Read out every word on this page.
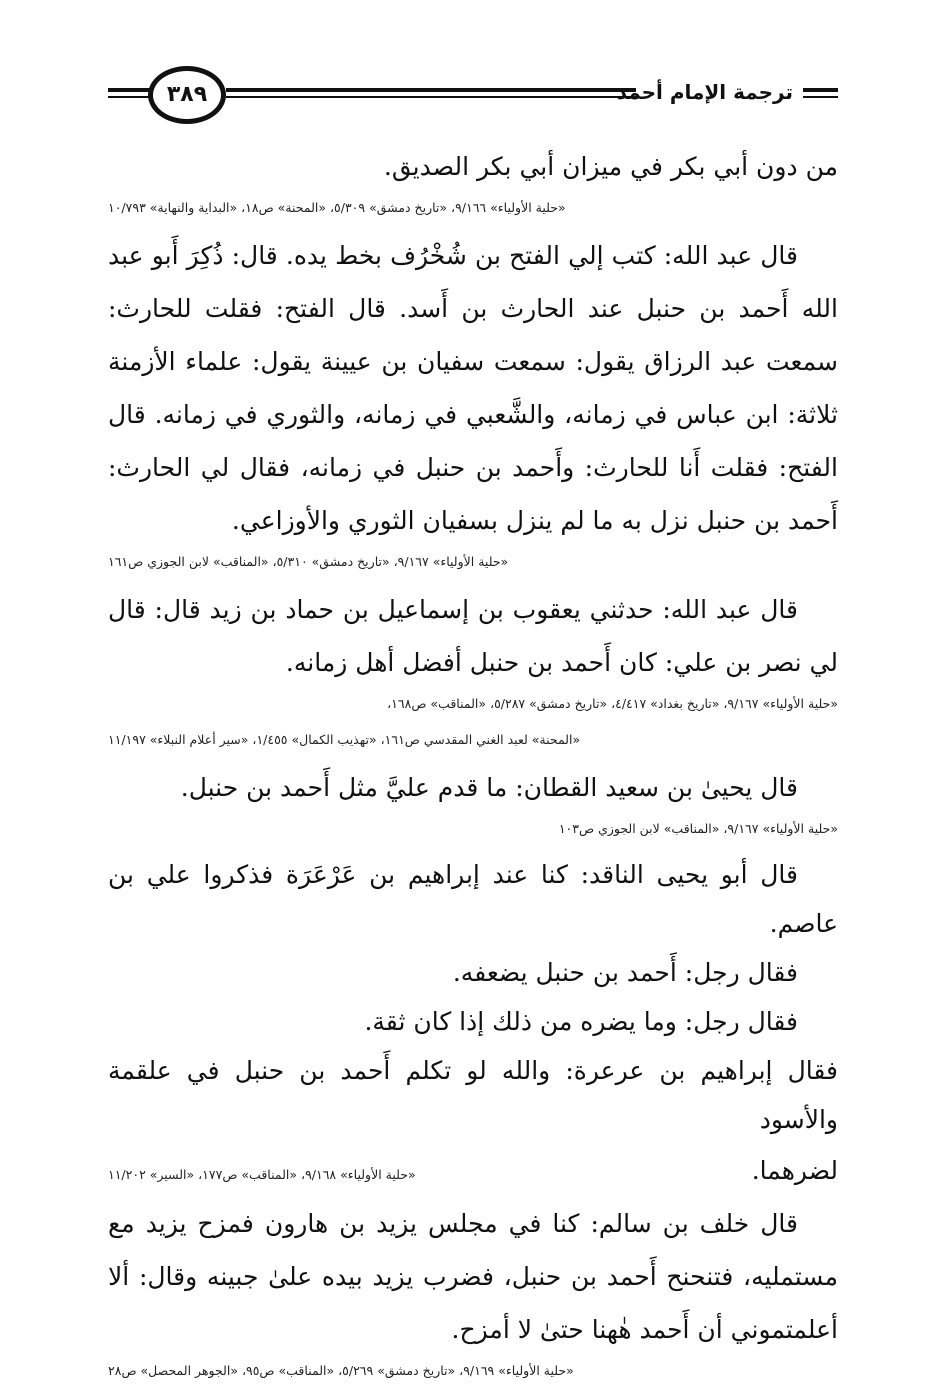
٣٨٩	ترجمة الإمام أحمد

من دون أبي بكر في ميزان أبي بكر الصديق.

«حلية الأولياء» ٩/١٦٦، «تاريخ دمشق» ٥/٣٠٩، «المحنة» ص١٨، «البداية والنهاية» ١٠/٧٩٣

قال عبد الله: كتب إلي الفتح بن شُخْرُف بخط يده. قال: ذُكِرَ أَبو عبد الله أَحمد بن حنبل عند الحارث بن أَسد. قال الفتح: فقلت للحارث: سمعت عبد الرزاق يقول: سمعت سفيان بن عيينة يقول: علماء الأزمنة ثلاثة: ابن عباس في زمانه، والشَّعبي في زمانه، والثوري في زمانه. قال الفتح: فقلت أَنا للحارث: وأَحمد بن حنبل في زمانه، فقال لي الحارث: أَحمد بن حنبل نزل به ما لم ينزل بسفيان الثوري والأوزاعي.

«حلية الأولياء» ٩/١٦٧، «تاريخ دمشق» ٥/٣١٠، «المناقب» لابن الجوزي ص١٦١

قال عبد الله: حدثني يعقوب بن إسماعيل بن حماد بن زيد قال: قال لي نصر بن علي: كان أَحمد بن حنبل أفضل أهل زمانه.

«حلية الأولياء» ٩/١٦٧، «تاريخ بغداد» ٤/٤١٧، «تاريخ دمشق» ٥/٢٨٧، «المناقب» ص١٦٨،

«المحنة» لعبد الغني المقدسي ص١٦١، «تهذيب الكمال» ١/٤٥٥، «سير أعلام النبلاء» ١١/١٩٧

قال يحيىٰ بن سعيد القطان: ما قدم عليَّ مثل أَحمد بن حنبل.

«حلية الأولياء» ٩/١٦٧، «المناقب» لابن الجوزي ص١٠٣

قال أبو يحيى الناقد: كنا عند إبراهيم بن عَرْعَرَة فذكروا علي بن عاصم.

فقال رجل: أَحمد بن حنبل يضعفه.

فقال رجل: وما يضره من ذلك إذا كان ثقة.

فقال إبراهيم بن عرعرة: والله لو تكلم أَحمد بن حنبل في علقمة والأسود

لضرهما.

«حلية الأولياء» ٩/١٦٨، «المناقب» ص١٧٧، «السير» ١١/٢٠٢

قال خلف بن سالم: كنا في مجلس يزيد بن هارون فمزح يزيد مع مستمليه، فتنحنح أَحمد بن حنبل، فضرب يزيد بيده علىٰ جبينه وقال: ألا أعلمتموني أن أَحمد هٰهنا حتىٰ لا أمزح.

«حلية الأولياء» ٩/١٦٩، «تاريخ دمشق» ٥/٢٦٩، «المناقب» ص٩٥، «الجوهر المحصل» ص٢٨
